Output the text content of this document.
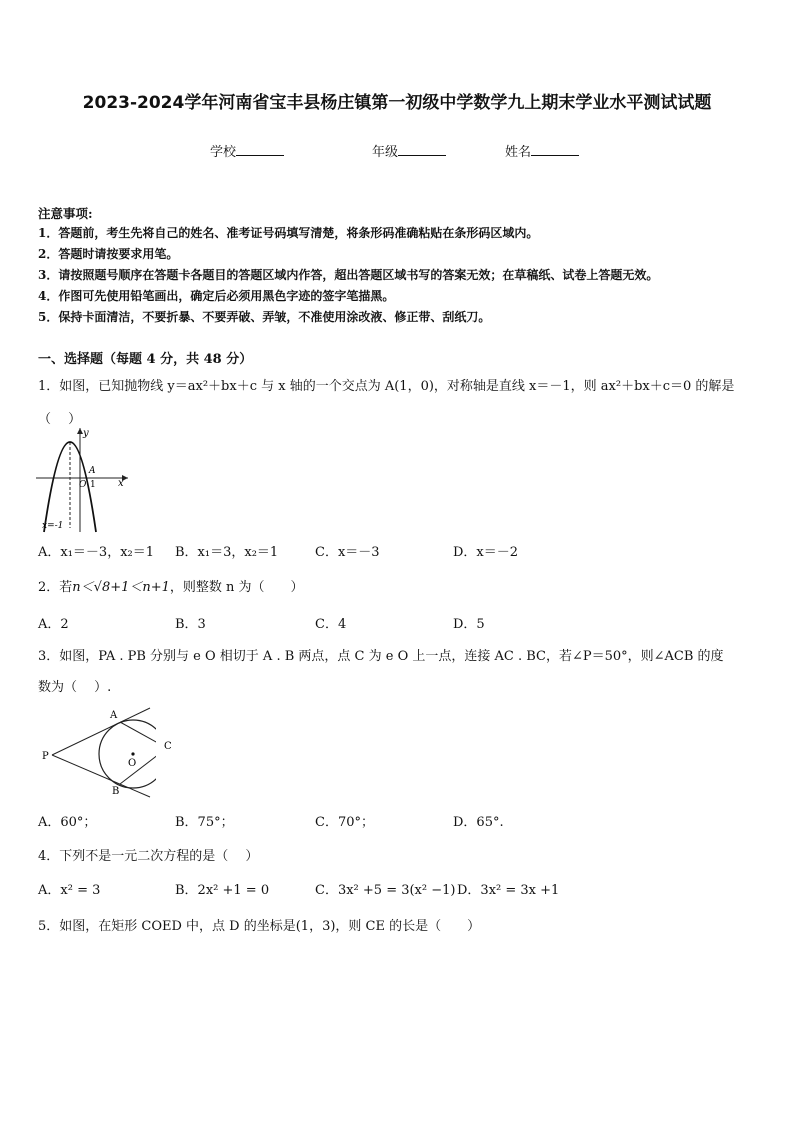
2023-2024学年河南省宝丰县杨庄镇第一初级中学数学九上期末学业水平测试试题
学校	年级	姓名
注意事项:
1．答题前，考生先将自己的姓名、准考证号码填写清楚，将条形码准确粘贴在条形码区域内。
2．答题时请按要求用笔。
3．请按照题号顺序在答题卡各题目的答题区域内作答，超出答题区域书写的答案无效；在草稿纸、试卷上答题无效。
4．作图可先使用铅笔画出，确定后必须用黑色字迹的签字笔描黑。
5．保持卡面清洁，不要折暴、不要弄破、弄皱，不准使用涂改液、修正带、刮纸刀。
一、选择题（每题 4 分，共 48 分）
1．如图，已知抛物线 y＝ax²＋bx＋c 与 x 轴的一个交点为 A(1，0)，对称轴是直线 x＝－1，则 ax²＋bx＋c＝0 的解是
（　 ）
y
x
A
O 1
x=-1
A．x₁＝－3，x₂＝1 B．x₁＝3，x₂＝1	C．x＝－3	D．x＝－2
2．若n＜√8+1＜n+1，则整数 n 为（　　）
A．2	B．3	C．4	D．5
3．如图，PA . PB 分别与 e O 相切于 A . B 两点，点 C 为 e O 上一点，连接 AC . BC，若∠P＝50°，则∠ACB 的度
数为（　 ）.
A
B
P
O
C
A．60°；	B．75°；	C．70°；	D．65°.
4．下列不是一元二次方程的是（　 ）
A．x² = 3	B．2x² +1 = 0	C．3x² +5 = 3(x² −1) D．3x² = 3x +1
5．如图，在矩形 COED 中，点 D 的坐标是(1，3)，则 CE 的长是（　　）
